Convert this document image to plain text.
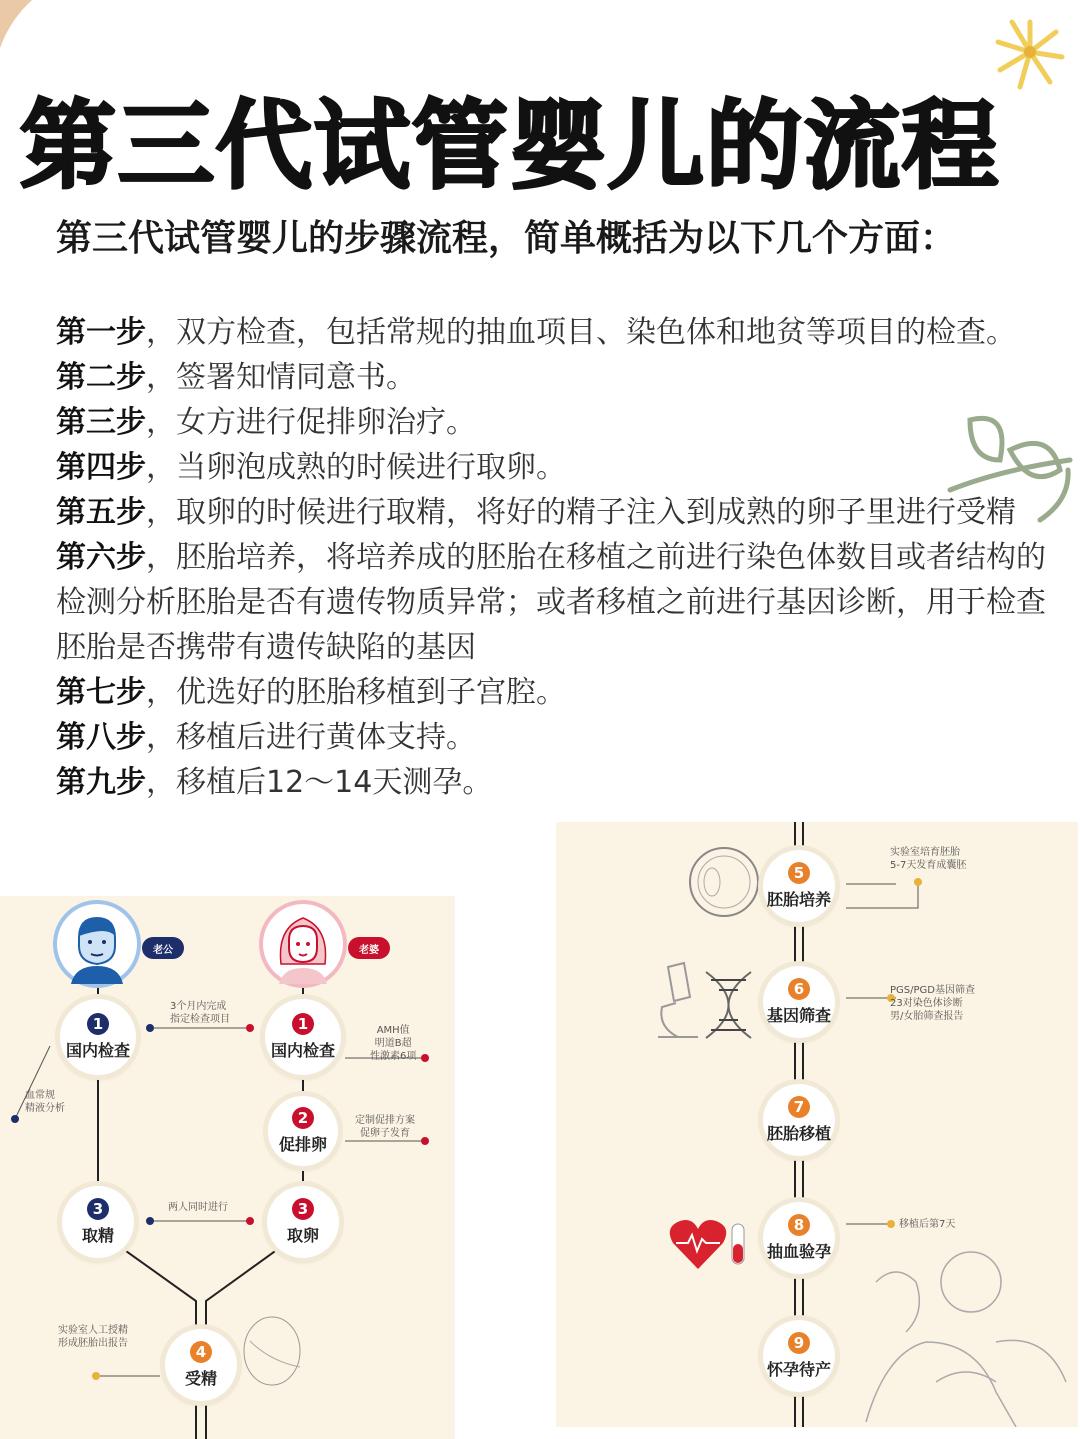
第三代试管婴儿的流程
第三代试管婴儿的步骤流程，简单概括为以下几个方面：

第一步，双方检查，包括常规的抽血项目、染色体和地贫等项目的检查。

第二步，签署知情同意书。

第三步，女方进行促排卵治疗。

第四步，当卵泡成熟的时候进行取卵。

第五步，取卵的时候进行取精，将好的精子注入到成熟的卵子里进行受精

第六步，胚胎培养，将培养成的胚胎在移植之前进行染色体数目或者结构的检测分析胚胎是否有遗传物质异常；或者移植之前进行基因诊断，用于检查胚胎是否携带有遗传缺陷的基因

第七步，优选好的胚胎移植到子宫腔。

第八步，移植后进行黄体支持。

第九步，移植后12～14天测孕。

老公	老婆
1
国内检查
1
国内检查
2
促排卵
3
取精
3
取卵
4
受精
3个月内完成
指定检查项目
AMH值
明道B超
性激素6项
血常规
精液分析
定制促排方案
促卵子发育
两人同时进行
实验室人工授精
形成胚胎出报告
5
胚胎培养
6
基因筛查
7
胚胎移植
8
抽血验孕
9
怀孕待产
实验室培育胚胎
5-7天发育成囊胚
PGS/PGD基因筛查
23对染色体诊断
男/女胎筛查报告
移植后第7天
